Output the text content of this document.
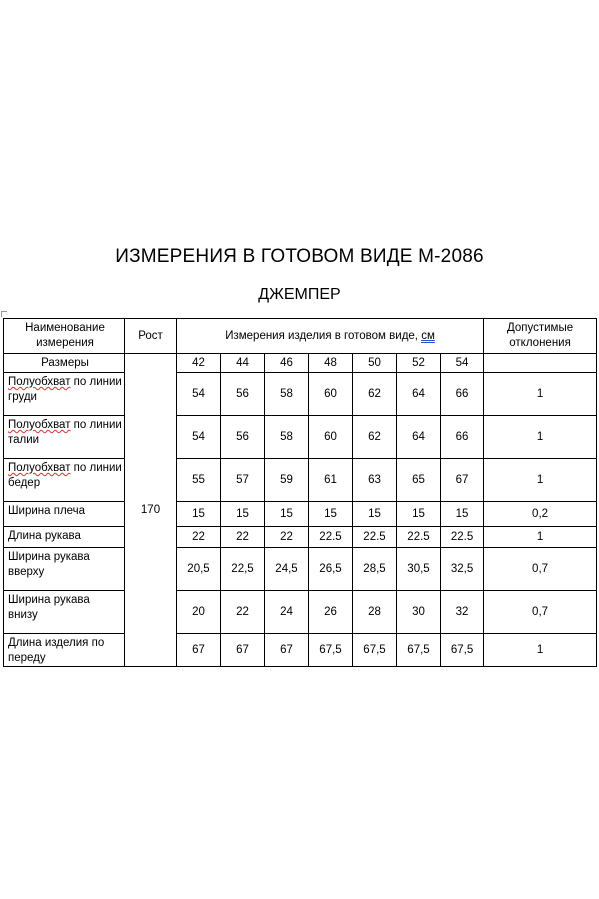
ИЗМЕРЕНИЯ В ГОТОВОМ ВИДЕ М-2086
ДЖЕМПЕР
Наименование измерения	Рост	Измерения изделия в готовом виде, см							Допустимые отклонения
Размеры	170	42	44	46	48	50	52	54	
Полуобхват по линии груди		54	56	58	60	62	64	66	1
Полуобхват по линии талии		54	56	58	60	62	64	66	1
Полуобхват по линии бедер		55	57	59	61	63	65	67	1
Ширина плеча		15	15	15	15	15	15	15	0,2
Длина рукава		22	22	22	22.5	22.5	22.5	22.5	1
Ширина рукава вверху		20,5	22,5	24,5	26,5	28,5	30,5	32,5	0,7
Ширина рукава внизу		20	22	24	26	28	30	32	0,7
Длина изделия по переду		67	67	67	67,5	67,5	67,5	67,5	1
